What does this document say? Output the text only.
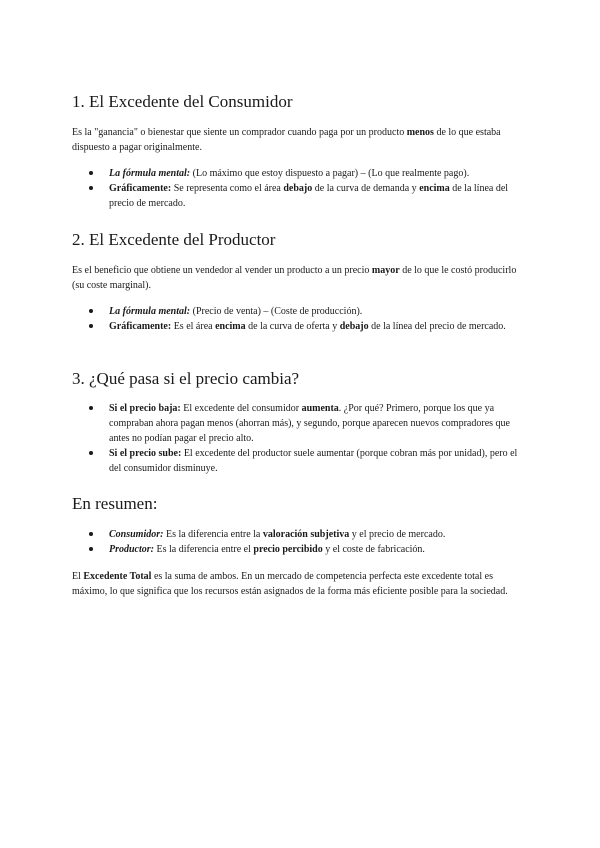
1. El Excedente del Consumidor

Es la "ganancia" o bienestar que siente un comprador cuando paga por un producto menos de lo que estaba dispuesto a pagar originalmente.

La fórmula mental: (Lo máximo que estoy dispuesto a pagar) – (Lo que realmente pago).
Gráficamente: Se representa como el área debajo de la curva de demanda y encima de la línea del precio de mercado.
2. El Excedente del Productor

Es el beneficio que obtiene un vendedor al vender un producto a un precio mayor de lo que le costó producirlo (su coste marginal).

La fórmula mental: (Precio de venta) – (Coste de producción).
Gráficamente: Es el área encima de la curva de oferta y debajo de la línea del precio de mercado.
3. ¿Qué pasa si el precio cambia?
Si el precio baja: El excedente del consumidor aumenta. ¿Por qué? Primero, porque los que ya compraban ahora pagan menos (ahorran más), y segundo, porque aparecen nuevos compradores que antes no podían pagar el precio alto.
Si el precio sube: El excedente del productor suele aumentar (porque cobran más por unidad), pero el del consumidor disminuye.
En resumen:
Consumidor: Es la diferencia entre la valoración subjetiva y el precio de mercado.
Productor: Es la diferencia entre el precio percibido y el coste de fabricación.

El Excedente Total es la suma de ambos. En un mercado de competencia perfecta este excedente total es máximo, lo que significa que los recursos están asignados de la forma más eficiente posible para la sociedad.
